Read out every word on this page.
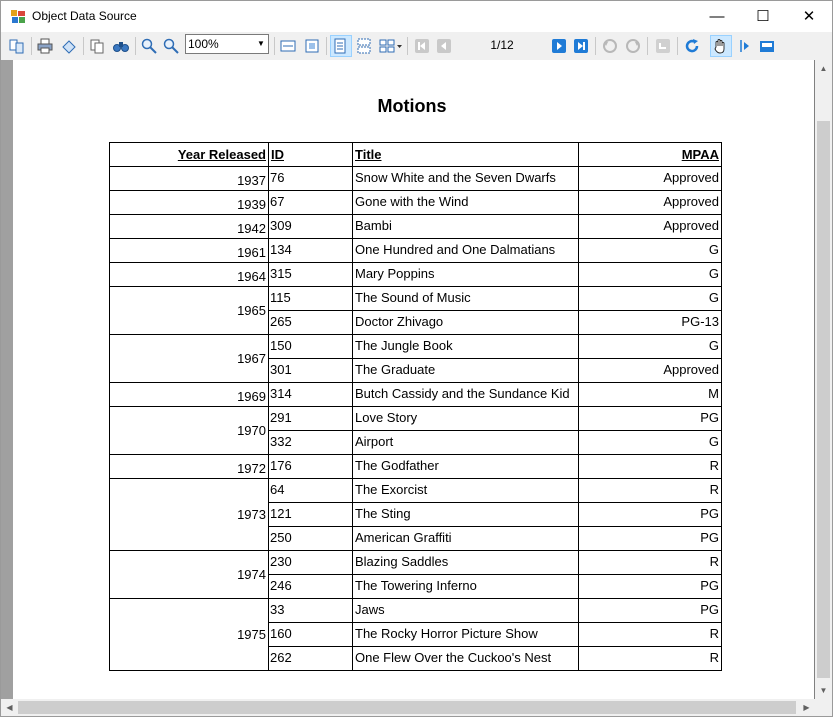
Object Data Source	—	☐	✕
100%	▼	1/12
Motions
Year Released	ID	Title	MPAA
1937	76	Snow White and the Seven Dwarfs	Approved
1939	67	Gone with the Wind	Approved
1942	309	Bambi	Approved
1961	134	One Hundred and One Dalmatians	G
1964	315	Mary Poppins	G
1965	115	The Sound of Music	G
	265	Doctor Zhivago	PG-13
1967	150	The Jungle Book	G
	301	The Graduate	Approved
1969	314	Butch Cassidy and the Sundance Kid	M
1970	291	Love Story	PG
	332	Airport	G
1972	176	The Godfather	R
1973	64	The Exorcist	R
	121	The Sting	PG
	250	American Graffiti	PG
1974	230	Blazing Saddles	R
	246	The Towering Inferno	PG
1975	33	Jaws	PG
	160	The Rocky Horror Picture Show	R
	262	One Flew Over the Cuckoo's Nest	R
▲
▼
◀	▶
